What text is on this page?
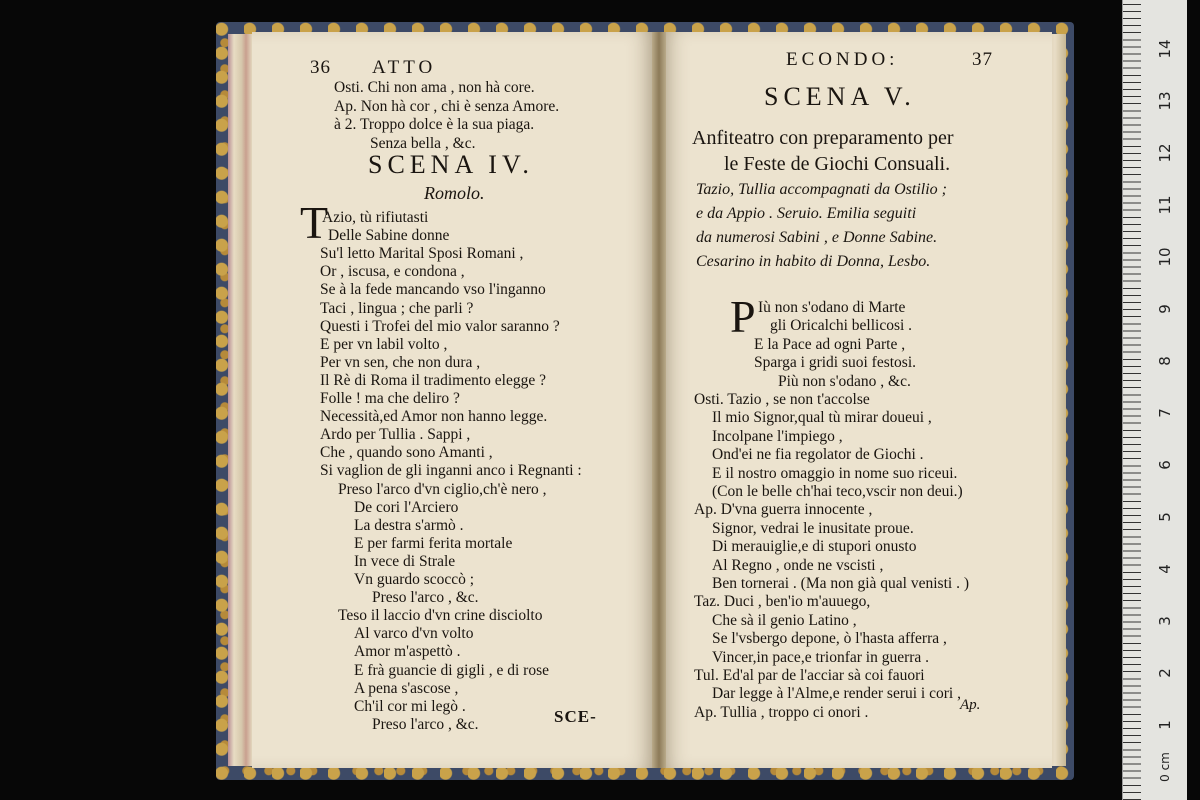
36 ATTO
Osti. Chi non ama , non hà core.
Ap. Non hà cor , chi è senza Amore.
à 2. Troppo dolce è la sua piaga.
Senza bella , &c.
SCENA IV.
Romolo.
T
Azio, tù rifiutasti
Delle Sabine donne
Su'l letto Marital Sposi Romani ,
Or , iscusa, e condona ,
Se à la fede mancando vso l'inganno
Taci , lingua ; che parli ?
Questi i Trofei del mio valor saranno ?
E per vn labil volto ,
Per vn sen, che non dura ,
Il Rè di Roma il tradimento elegge ?
Folle ! ma che deliro ?
Necessità,ed Amor non hanno legge.
Ardo per Tullia . Sappi ,
Che , quando sono Amanti ,
Si vaglion de gli inganni anco i Regnanti :
Preso l'arco d'vn ciglio,ch'è nero ,
De cori l'Arciero
La destra s'armò .
E per farmi ferita mortale
In vece di Strale
Vn guardo scoccò ;
Preso l'arco , &c.
Teso il laccio d'vn crine disciolto
Al varco d'vn volto
Amor m'aspettò .
E frà guancie di gigli , e di rose
A pena s'ascose ,
Ch'il cor mi legò .
Preso l'arco , &c.	SCE-
ECONDO:	37
SCENA V.
Anfiteatro con preparamento per
le Feste de Giochi Consuali.
Tazio, Tullia accompagnati da Ostilio ;
e da Appio . Seruio. Emilia seguiti
da numerosi Sabini , e Donne Sabine.
Cesarino in habito di Donna, Lesbo.
P Iù non s'odano di Marte
gli Oricalchi bellicosi .
E la Pace ad ogni Parte ,
Sparga i gridi suoi festosi.
Più non s'odano , &c.
Osti. Tazio , se non t'accolse
Il mio Signor,qual tù mirar doueui ,
Incolpane l'impiego ,
Ond'ei ne fia regolator de Giochi .
E il nostro omaggio in nome suo riceui.
(Con le belle ch'hai teco,vscir non deui.)
Ap. D'vna guerra innocente ,
Signor, vedrai le inusitate proue.
Di merauiglie,e di stupori onusto
Al Regno , onde ne vscisti ,
Ben tornerai . (Ma non già qual venisti . )
Taz. Duci , ben'io m'auuego,
Che sà il genio Latino ,
Se l'vsbergo depone, ò l'hasta afferra ,
Vincer,in pace,e trionfar in guerra .
Tul. Ed'al par de l'acciar sà coi fauori
Dar legge à l'Alme,e render serui i cori ,
Ap. Tullia , troppo ci onori .	Ap.
0 cm
1
2
3
4
5
6
7
8
9
10
11
12
13
14
